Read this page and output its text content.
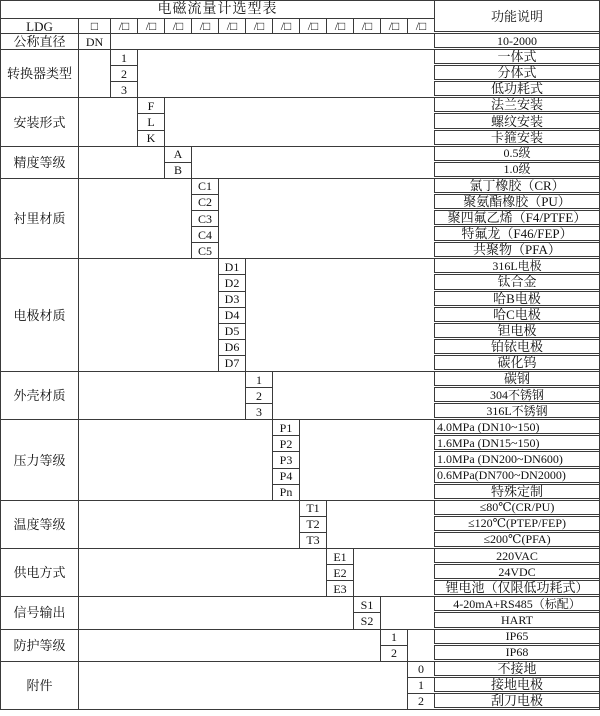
电磁流量计选型表	功能说明
LDG	□	/□	/□	/□	/□	/□	/□	/□	/□	/□	/□	/□	/□
公称直径	DN	10-2000
转换器类型
1	一体式
2	分体式
3	低功耗式
安装形式
F	法兰安装
L	螺纹安装
K	卡箍安装
精度等级
A	0.5级
B	1.0级
衬里材质
C1	氯丁橡胶（CR）
C2	聚氨酯橡胶（PU）
C3	聚四氟乙烯（F4/PTFE）
C4	特氟龙（F46/FEP）
C5	共聚物（PFA）
电极材质
D1	316L电极
D2	钛合金
D3	哈B电极
D4	哈C电极
D5	钽电极
D6	铂铱电极
D7	碳化钨
外壳材质
1	碳钢
2	304不锈钢
3	316L不锈钢
压力等级
P1	4.0MPa (DN10~150)
P2	1.6MPa (DN15~150)
P3	1.0MPa (DN200~DN600)
P4	0.6MPa(DN700~DN2000)
Pn	特殊定制
温度等级
T1	≤80℃(CR/PU)
T2	≤120℃(PTEP/FEP)
T3	≤200℃(PFA)
供电方式
E1	220VAC
E2	24VDC
E3	锂电池（仅限低功耗式）
信号输出
S1	4-20mA+RS485（标配）
S2	HART
防护等级
1	IP65
2	IP68
附件
0	不接地
1	接地电极
2	刮刀电极
